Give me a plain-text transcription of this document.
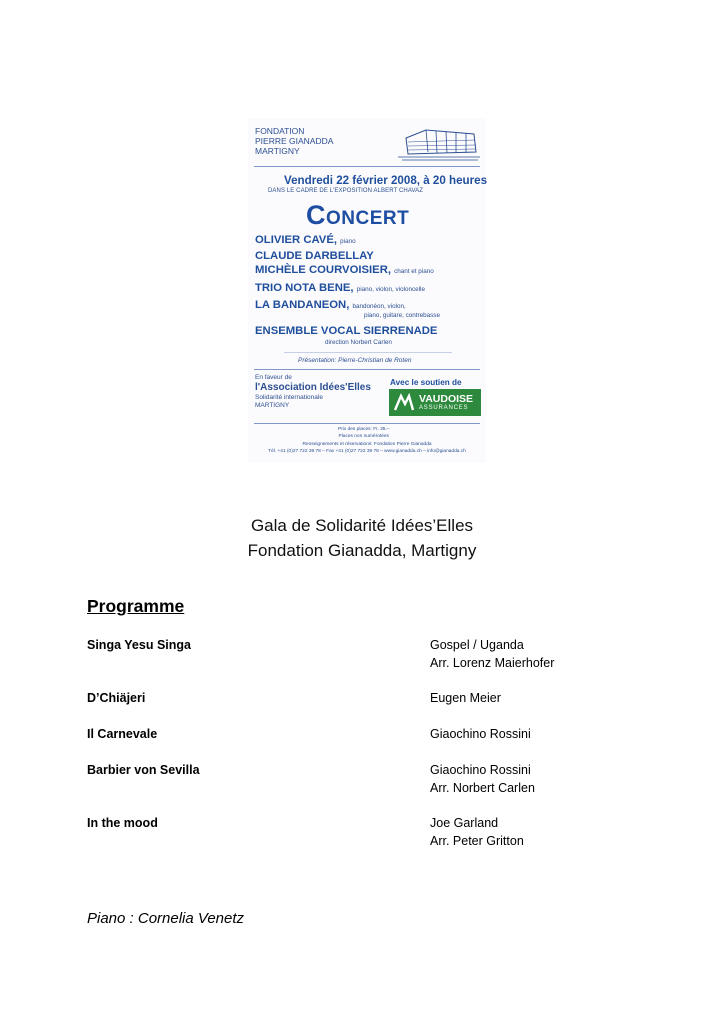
FONDATION
PIERRE GIANADDA
MARTIGNY
Vendredi 22 février 2008, à 20 heures
DANS LE CADRE DE L'EXPOSITION ALBERT CHAVAZ
Concert
OLIVIER CAVÉ, piano
CLAUDE DARBELLAY
MICHÈLE COURVOISIER, chant et piano
TRIO NOTA BENE, piano, violon, violoncelle
LA BANDANEON, bandonéon, violon,
piano, guitare, contrebasse
ENSEMBLE VOCAL SIERRENADE
direction Norbert Carlen
Présentation: Pierre-Christian de Roten
En faveur de
l'Association Idées'Elles
Solidarité internationale
MARTIGNY
Avec le soutien de
VAUDOISE
ASSURANCES
Prix des places: Fr. 35.–
Places non numérotées
Renseignements et réservations: Fondation Pierre Gianadda
Tél. +41 (0)27 722 39 78 – Fax +41 (0)27 722 39 78 – www.gianadda.ch – info@gianadda.ch
Gala de Solidarité Idées’Elles
Fondation Gianadda, Martigny
Programme
Singa Yesu Singa	Gospel / Uganda
Arr. Lorenz Maierhofer
D’Chiäjeri	Eugen Meier
Il Carnevale	Giaochino Rossini
Barbier von Sevilla	Giaochino Rossini
Arr. Norbert Carlen
In the mood	Joe Garland
Arr. Peter Gritton
Piano : Cornelia Venetz
